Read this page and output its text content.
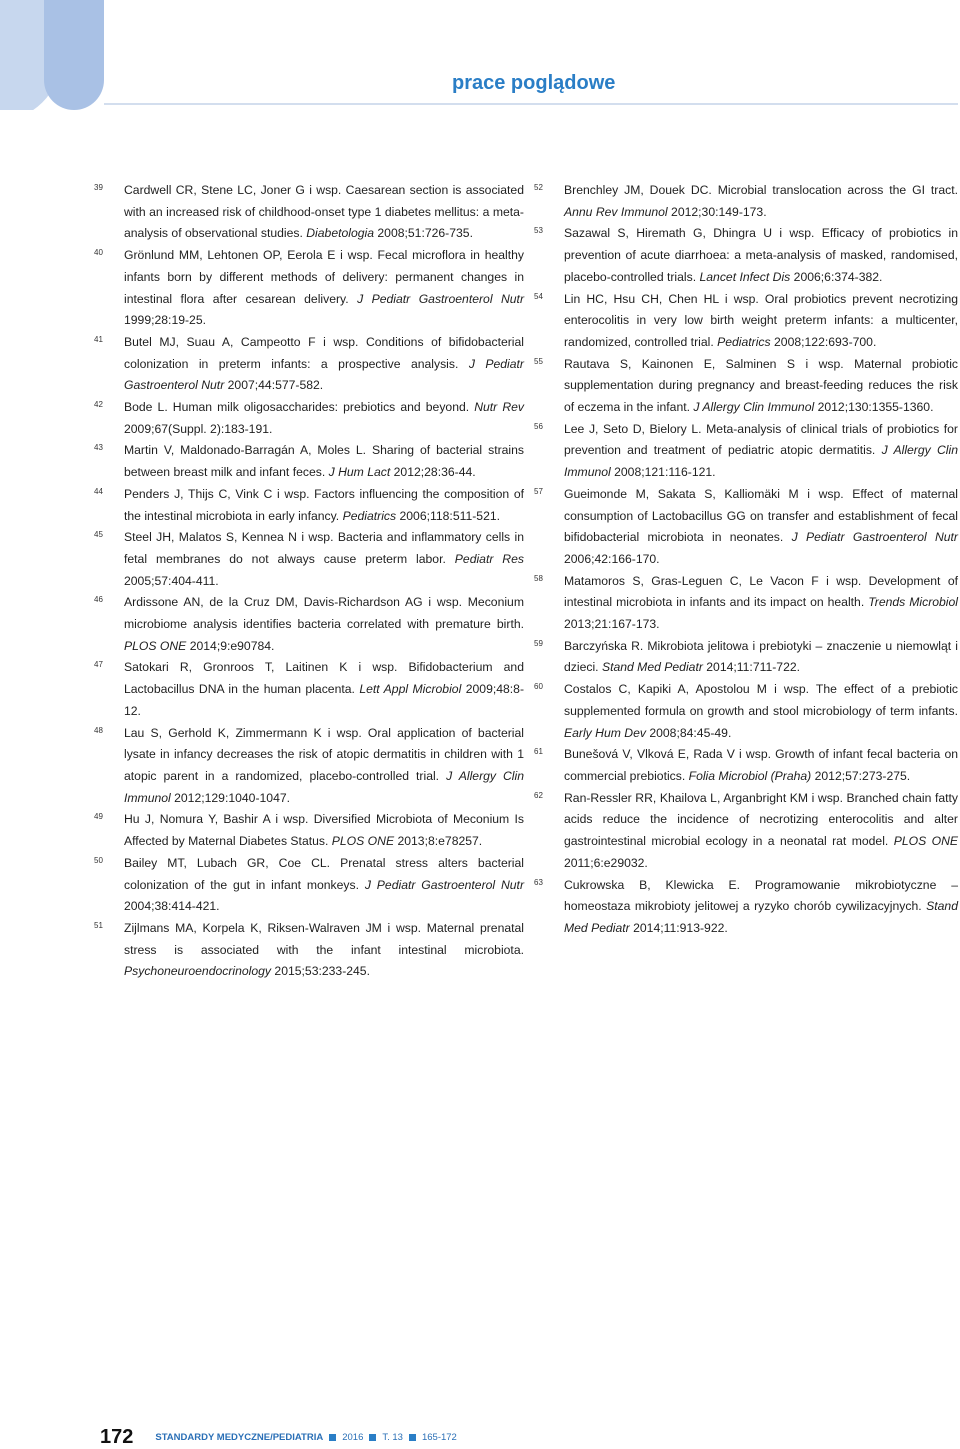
prace poglądowe
39 Cardwell CR, Stene LC, Joner G i wsp. Caesarean section is associated with an increased risk of childhood-onset type 1 diabetes mellitus: a meta-analysis of observational studies. Diabetologia 2008;51:726-735.
40 Grönlund MM, Lehtonen OP, Eerola E i wsp. Fecal microflora in healthy infants born by different methods of delivery: permanent changes in intestinal flora after cesarean delivery. J Pediatr Gastroenterol Nutr 1999;28:19-25.
41 Butel MJ, Suau A, Campeotto F i wsp. Conditions of bifidobacterial colonization in preterm infants: a prospective analysis. J Pediatr Gastroenterol Nutr 2007;44:577-582.
42 Bode L. Human milk oligosaccharides: prebiotics and beyond. Nutr Rev 2009;67(Suppl. 2):183-191.
43 Martin V, Maldonado-Barragán A, Moles L. Sharing of bacterial strains between breast milk and infant feces. J Hum Lact 2012;28:36-44.
44 Penders J, Thijs C, Vink C i wsp. Factors influencing the composition of the intestinal microbiota in early infancy. Pediatrics 2006;118:511-521.
45 Steel JH, Malatos S, Kennea N i wsp. Bacteria and inflammatory cells in fetal membranes do not always cause preterm labor. Pediatr Res 2005;57:404-411.
46 Ardissone AN, de la Cruz DM, Davis-Richardson AG i wsp. Meconium microbiome analysis identifies bacteria correlated with premature birth. PLOS ONE 2014;9:e90784.
47 Satokari R, Gronroos T, Laitinen K i wsp. Bifidobacterium and Lactobacillus DNA in the human placenta. Lett Appl Microbiol 2009;48:8-12.
48 Lau S, Gerhold K, Zimmermann K i wsp. Oral application of bacterial lysate in infancy decreases the risk of atopic dermatitis in children with 1 atopic parent in a randomized, placebo-controlled trial. J Allergy Clin Immunol 2012;129:1040-1047.
49 Hu J, Nomura Y, Bashir A i wsp. Diversified Microbiota of Meconium Is Affected by Maternal Diabetes Status. PLOS ONE 2013;8:e78257.
50 Bailey MT, Lubach GR, Coe CL. Prenatal stress alters bacterial colonization of the gut in infant monkeys. J Pediatr Gastroenterol Nutr 2004;38:414-421.
51 Zijlmans MA, Korpela K, Riksen-Walraven JM i wsp. Maternal prenatal stress is associated with the infant intestinal microbiota. Psychoneuroendocrinology 2015;53:233-245.
52 Brenchley JM, Douek DC. Microbial translocation across the GI tract. Annu Rev Immunol 2012;30:149-173.
53 Sazawal S, Hiremath G, Dhingra U i wsp. Efficacy of probiotics in prevention of acute diarrhoea: a meta-analysis of masked, randomised, placebo-controlled trials. Lancet Infect Dis 2006;6:374-382.
54 Lin HC, Hsu CH, Chen HL i wsp. Oral probiotics prevent necrotizing enterocolitis in very low birth weight preterm infants: a multicenter, randomized, controlled trial. Pediatrics 2008;122:693-700.
55 Rautava S, Kainonen E, Salminen S i wsp. Maternal probiotic supplementation during pregnancy and breast-feeding reduces the risk of eczema in the infant. J Allergy Clin Immunol 2012;130:1355-1360.
56 Lee J, Seto D, Bielory L. Meta-analysis of clinical trials of probiotics for prevention and treatment of pediatric atopic dermatitis. J Allergy Clin Immunol 2008;121:116-121.
57 Gueimonde M, Sakata S, Kalliomäki M i wsp. Effect of maternal consumption of Lactobacillus GG on transfer and establishment of fecal bifidobacterial microbiota in neonates. J Pediatr Gastroenterol Nutr 2006;42:166-170.
58 Matamoros S, Gras-Leguen C, Le Vacon F i wsp. Development of intestinal microbiota in infants and its impact on health. Trends Microbiol 2013;21:167-173.
59 Barczyńska R. Mikrobiota jelitowa i prebiotyki – znaczenie u niemowląt i dzieci. Stand Med Pediatr 2014;11:711-722.
60 Costalos C, Kapiki A, Apostolou M i wsp. The effect of a prebiotic supplemented formula on growth and stool microbiology of term infants. Early Hum Dev 2008;84:45-49.
61 Bunešová V, Vlková E, Rada V i wsp. Growth of infant fecal bacteria on commercial prebiotics. Folia Microbiol (Praha) 2012;57:273-275.
62 Ran-Ressler RR, Khailova L, Arganbright KM i wsp. Branched chain fatty acids reduce the incidence of necrotizing enterocolitis and alter gastrointestinal microbial ecology in a neonatal rat model. PLOS ONE 2011;6:e29032.
63 Cukrowska B, Klewicka E. Programowanie mikrobiotyczne – homeostaza mikrobioty jelitowej a ryzyko chorób cywilizacyjnych. Stand Med Pediatr 2014;11:913-922.
172 STANDARDY MEDYCZNE/PEDIATRIA 2016 T. 13 165-172
